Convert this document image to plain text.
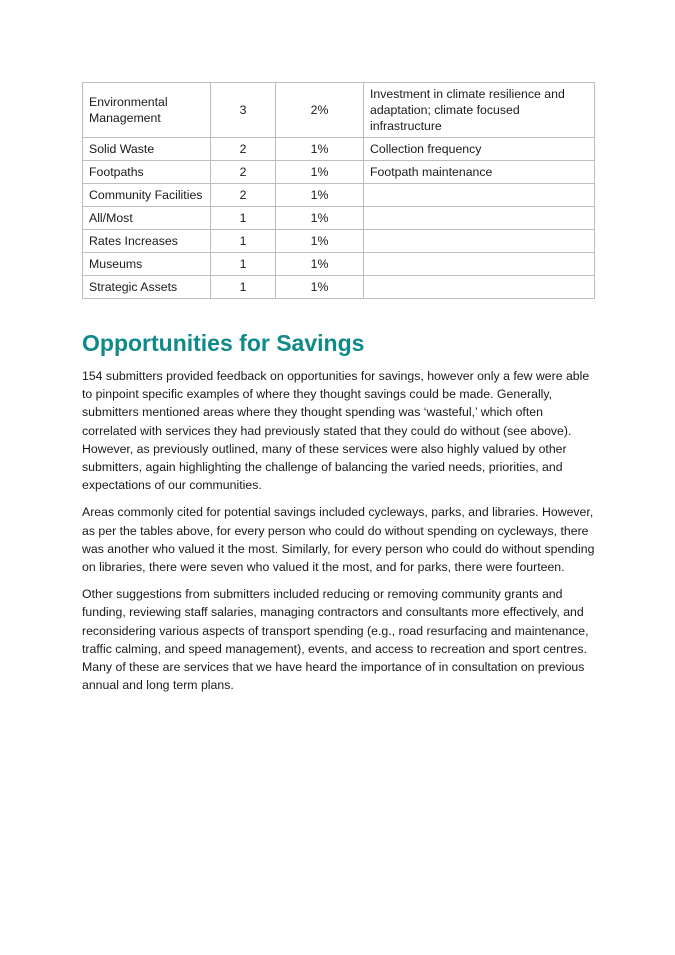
Environmental Management	3	2%	Investment in climate resilience and adaptation; climate focused infrastructure
Solid Waste	2	1%	Collection frequency
Footpaths	2	1%	Footpath maintenance
Community Facilities	2	1%	
All/Most	1	1%	
Rates Increases	1	1%	
Museums	1	1%	
Strategic Assets	1	1%	
Opportunities for Savings

154 submitters provided feedback on opportunities for savings, however only a few were able to pinpoint specific examples of where they thought savings could be made. Generally, submitters mentioned areas where they thought spending was ‘wasteful,’ which often correlated with services they had previously stated that they could do without (see above). However, as previously outlined, many of these services were also highly valued by other submitters, again highlighting the challenge of balancing the varied needs, priorities, and expectations of our communities.

Areas commonly cited for potential savings included cycleways, parks, and libraries. However, as per the tables above, for every person who could do without spending on cycleways, there was another who valued it the most. Similarly, for every person who could do without spending on libraries, there were seven who valued it the most, and for parks, there were fourteen.

Other suggestions from submitters included reducing or removing community grants and funding, reviewing staff salaries, managing contractors and consultants more effectively, and reconsidering various aspects of transport spending (e.g., road resurfacing and maintenance, traffic calming, and speed management), events, and access to recreation and sport centres. Many of these are services that we have heard the importance of in consultation on previous annual and long term plans.
